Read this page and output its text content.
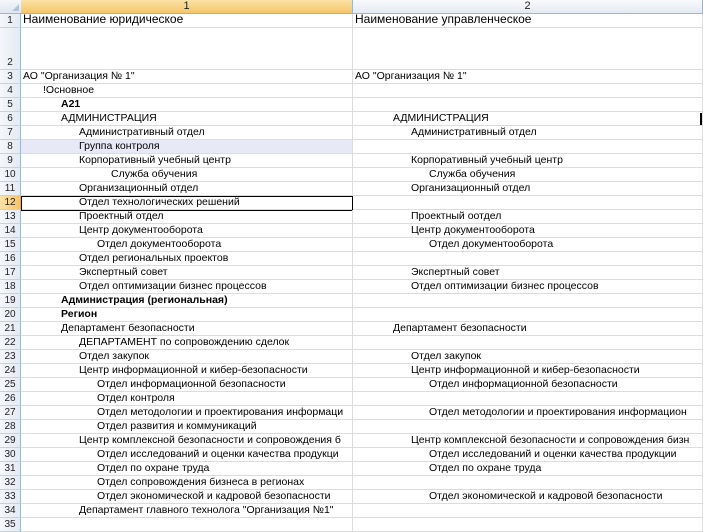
1	2
1 Наименование юридическое	Наименование управленческое
2
3 АО "Организация № 1"	АО "Организация № 1"
4	!Основное
5	А21
6	АДМИНИСТРАЦИЯ	АДМИНИСТРАЦИЯ
7	Административный отдел	Административный отдел
8	Группа контроля
9	Корпоративный учебный центр	Корпоративный учебный центр
10	Служба обучения	Служба обучения
11	Организационный отдел	Организационный отдел
12	Отдел технологических решений
13	Проектный отдел	Проектный оотдел
14	Центр документооборота	Центр документооборота
15	Отдел документооборота	Отдел документооборота
16	Отдел региональных проектов
17	Экспертный совет	Экспертный совет
18	Отдел оптимизации бизнес процессов	Отдел оптимизации бизнес процессов
19	Администрация (региональная)
20	Регион
21	Департамент безопасности	Департамент безопасности
22	ДЕПАРТАМЕНТ по сопровождению сделок
23	Отдел закупок	Отдел закупок
24	Центр информационной и кибер-безопасности	Центр информационной и кибер-безопасности
25	Отдел информационной безопасности	Отдел информационной безопасности
26	Отдел контроля
27	Отдел методологии и проектирования информаци	Отдел методологии и проектирования информацион
28	Отдел развития и коммуникаций
29	Центр комплексной безопасности и сопровождения б	Центр комплексной безопасности и сопровождения бизн
30	Отдел исследований и оценки качества продукци	Отдел исследований и оценки качества продукции
31	Отдел по охране труда	Отдел по охране труда
32	Отдел сопровождения бизнеса в регионах
33	Отдел экономической и кадровой безопасности	Отдел экономической и кадровой безопасности
34	Департамент главного технолога "Организация №1"
35
